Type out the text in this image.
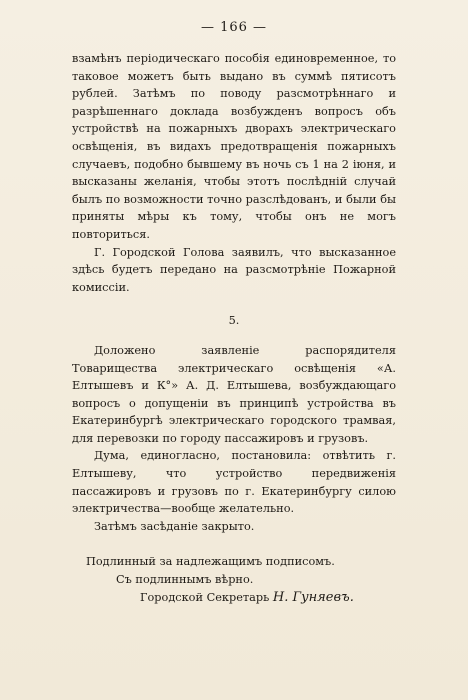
— 166 —

взамѣнъ періодическаго пособія единовременное, то таковое можетъ быть выдано въ суммѣ пятисотъ рублей. Затѣмъ по поводу разсмотрѣннаго и разрѣшеннаго доклада возбужденъ вопросъ объ устройствѣ на пожарныхъ дворахъ электрическаго освѣщенія, въ видахъ предотвращенія пожарныхъ случаевъ, подобно бывшему въ ночь съ 1 на 2 іюня, и высказаны желанія, чтобы этотъ послѣдній случай былъ по возможности точно разслѣдованъ, и были бы приняты мѣры къ тому, чтобы онъ не могъ повториться.

Г. Городской Голова заявилъ, что высказанное здѣсь будетъ передано на разсмотрѣніе Пожарной комиссіи.

5.

Доложено заявленіе распорядителя Товарищества электрическаго освѣщенія «А. Елтышевъ и К°» А. Д. Елтышева, возбуждающаго вопросъ о допущеніи въ принципѣ устройства въ Екатеринбургѣ электрическаго городского трамвая, для перевозки по городу пассажировъ и грузовъ.

Дума, единогласно, постановила: отвѣтить г. Елтышеву, что устройство передвиженія пассажировъ и грузовъ по г. Екатеринбургу силою электричества—вообще желательно.

Затѣмъ засѣданіе закрыто.

Подлинный за надлежащимъ подписомъ.

Съ подлиннымъ вѣрно.

Городской Секретарь Н. Гуняевъ.
